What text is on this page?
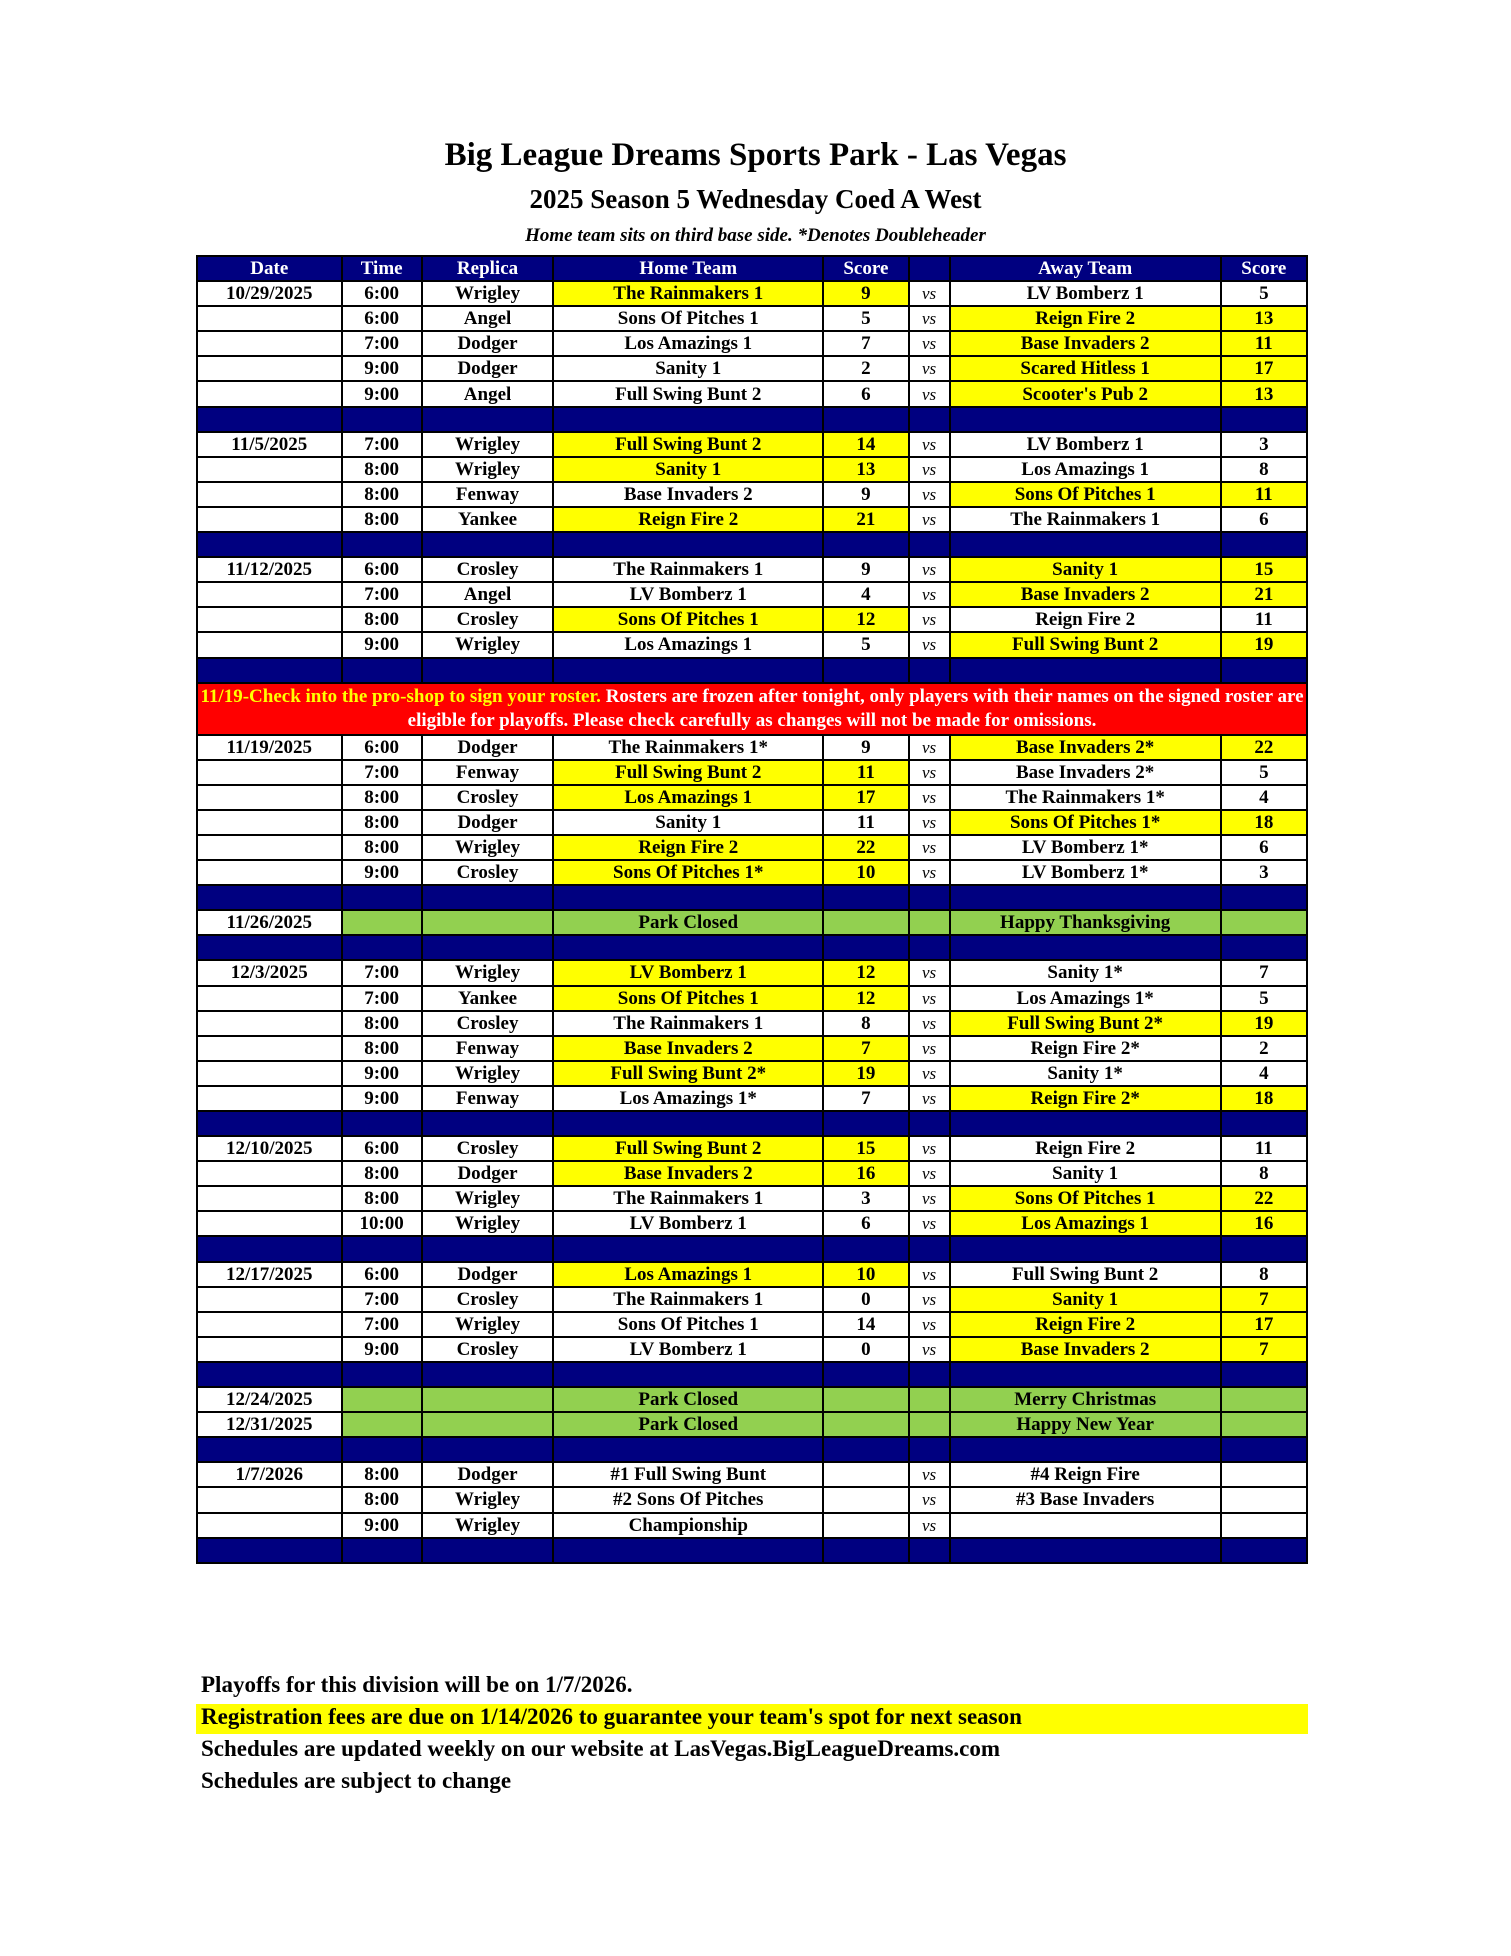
Big League Dreams Sports Park - Las Vegas
2025 Season 5 Wednesday Coed A West
Home team sits on third base side. *Denotes Doubleheader
Date	Time	Replica	Home Team	Score		Away Team	Score
10/29/2025	6:00	Wrigley	The Rainmakers 1	9	vs	LV Bomberz 1	5
	6:00	Angel	Sons Of Pitches 1	5	vs	Reign Fire 2	13
	7:00	Dodger	Los Amazings 1	7	vs	Base Invaders 2	11
	9:00	Dodger	Sanity 1	2	vs	Scared Hitless 1	17
	9:00	Angel	Full Swing Bunt 2	6	vs	Scooter's Pub 2	13

11/5/2025	7:00	Wrigley	Full Swing Bunt 2	14	vs	LV Bomberz 1	3
	8:00	Wrigley	Sanity 1	13	vs	Los Amazings 1	8
	8:00	Fenway	Base Invaders 2	9	vs	Sons Of Pitches 1	11
	8:00	Yankee	Reign Fire 2	21	vs	The Rainmakers 1	6

11/12/2025	6:00	Crosley	The Rainmakers 1	9	vs	Sanity 1	15
	7:00	Angel	LV Bomberz 1	4	vs	Base Invaders 2	21
	8:00	Crosley	Sons Of Pitches 1	12	vs	Reign Fire 2	11
	9:00	Wrigley	Los Amazings 1	5	vs	Full Swing Bunt 2	19

11/19-Check into the pro-shop to sign your roster. Rosters are frozen after tonight, only players with their names on the signed roster are eligible for playoffs. Please check carefully as changes will not be made for omissions.							
11/19/2025	6:00	Dodger	The Rainmakers 1*	9	vs	Base Invaders 2*	22
	7:00	Fenway	Full Swing Bunt 2	11	vs	Base Invaders 2*	5
	8:00	Crosley	Los Amazings 1	17	vs	The Rainmakers 1*	4
	8:00	Dodger	Sanity 1	11	vs	Sons Of Pitches 1*	18
	8:00	Wrigley	Reign Fire 2	22	vs	LV Bomberz 1*	6
	9:00	Crosley	Sons Of Pitches 1*	10	vs	LV Bomberz 1*	3

11/26/2025			Park Closed			Happy Thanksgiving	

12/3/2025	7:00	Wrigley	LV Bomberz 1	12	vs	Sanity 1*	7
	7:00	Yankee	Sons Of Pitches 1	12	vs	Los Amazings 1*	5
	8:00	Crosley	The Rainmakers 1	8	vs	Full Swing Bunt 2*	19
	8:00	Fenway	Base Invaders 2	7	vs	Reign Fire 2*	2
	9:00	Wrigley	Full Swing Bunt 2*	19	vs	Sanity 1*	4
	9:00	Fenway	Los Amazings 1*	7	vs	Reign Fire 2*	18

12/10/2025	6:00	Crosley	Full Swing Bunt 2	15	vs	Reign Fire 2	11
	8:00	Dodger	Base Invaders 2	16	vs	Sanity 1	8
	8:00	Wrigley	The Rainmakers 1	3	vs	Sons Of Pitches 1	22
	10:00	Wrigley	LV Bomberz 1	6	vs	Los Amazings 1	16

12/17/2025	6:00	Dodger	Los Amazings 1	10	vs	Full Swing Bunt 2	8
	7:00	Crosley	The Rainmakers 1	0	vs	Sanity 1	7
	7:00	Wrigley	Sons Of Pitches 1	14	vs	Reign Fire 2	17
	9:00	Crosley	LV Bomberz 1	0	vs	Base Invaders 2	7

12/24/2025			Park Closed			Merry Christmas	
12/31/2025			Park Closed			Happy New Year	

1/7/2026	8:00	Dodger	#1 Full Swing Bunt		vs	#4 Reign Fire	
	8:00	Wrigley	#2 Sons Of Pitches		vs	#3 Base Invaders	
	9:00	Wrigley	Championship		vs		

Playoffs for this division will be on 1/7/2026.
Registration fees are due on 1/14/2026 to guarantee your team's spot for next season
Schedules are updated weekly on our website at LasVegas.BigLeagueDreams.com
Schedules are subject to change
